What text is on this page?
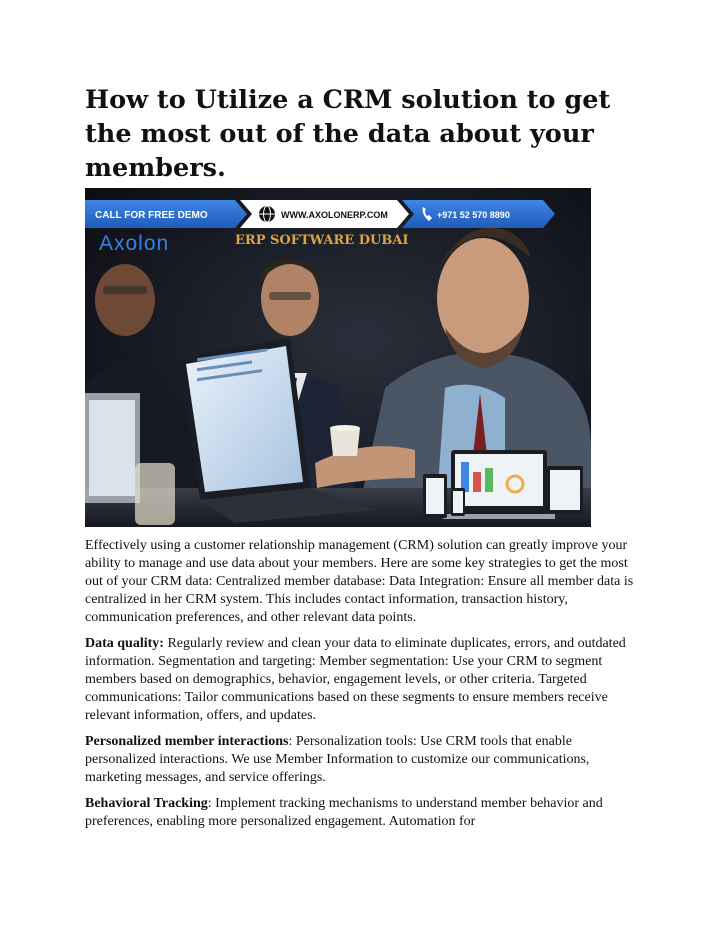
How to Utilize a CRM solution to get the most out of the data about your members.
CALL FOR FREE DEMO	WWW.AXOLONERP.COM	+971 52 570 8890
Axolon	ERP SOFTWARE DUBAI

Effectively using a customer relationship management (CRM) solution can greatly improve your ability to manage and use data about your members. Here are some key strategies to get the most out of your CRM data: Centralized member database: Data Integration: Ensure all member data is centralized in her CRM system. This includes contact information, transaction history, communication preferences, and other relevant data points.

Data quality: Regularly review and clean your data to eliminate duplicates, errors, and outdated information. Segmentation and targeting: Member segmentation: Use your CRM to segment members based on demographics, behavior, engagement levels, or other criteria. Targeted communications: Tailor communications based on these segments to ensure members receive relevant information, offers, and updates.

Personalized member interactions: Personalization tools: Use CRM tools that enable personalized interactions. We use Member Information to customize our communications, marketing messages, and service offerings.

Behavioral Tracking: Implement tracking mechanisms to understand member behavior and preferences, enabling more personalized engagement. Automation for
